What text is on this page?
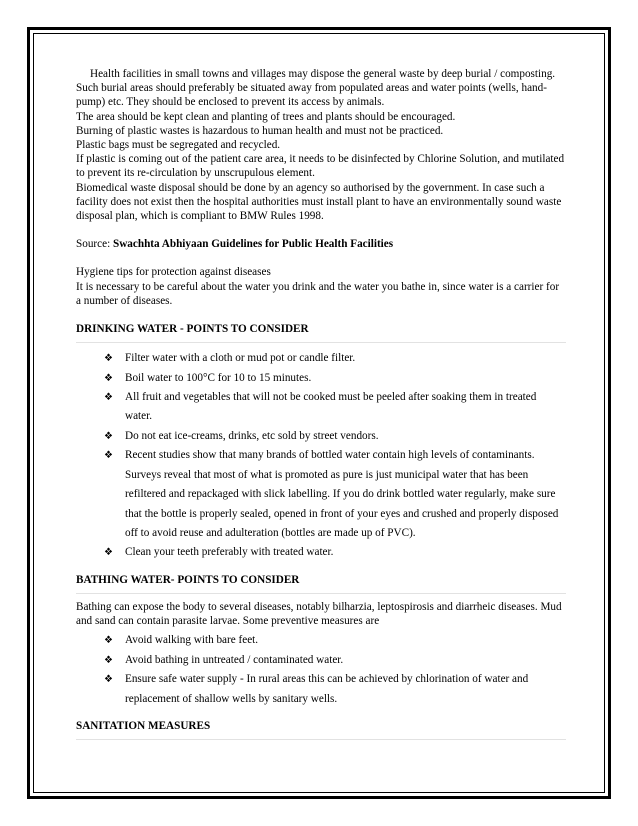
Health facilities in small towns and villages may dispose the general waste by deep burial / composting. Such burial areas should preferably be situated away from populated areas and water points (wells, hand-pump) etc. They should be enclosed to prevent its access by animals.

The area should be kept clean and planting of trees and plants should be encouraged.

Burning of plastic wastes is hazardous to human health and must not be practiced.

Plastic bags must be segregated and recycled.

If plastic is coming out of the patient care area, it needs to be disinfected by Chlorine Solution, and mutilated to prevent its re-circulation by unscrupulous element.

Biomedical waste disposal should be done by an agency so authorised by the government. In case such a facility does not exist then the hospital authorities must install plant to have an environmentally sound waste disposal plan, which is compliant to BMW Rules 1998.

Source: Swachhta Abhiyaan Guidelines for Public Health Facilities

Hygiene tips for protection against diseases

It is necessary to be careful about the water you drink and the water you bathe in, since water is a carrier for a number of diseases.

DRINKING WATER - POINTS TO CONSIDER

❖ Filter water with a cloth or mud pot or candle filter.
❖ Boil water to 100°C for 10 to 15 minutes.
❖ All fruit and vegetables that will not be cooked must be peeled after soaking them in treated water.
❖ Do not eat ice-creams, drinks, etc sold by street vendors.
❖ Recent studies show that many brands of bottled water contain high levels of contaminants. Surveys reveal that most of what is promoted as pure is just municipal water that has been refiltered and repackaged with slick labelling. If you do drink bottled water regularly, make sure that the bottle is properly sealed, opened in front of your eyes and crushed and properly disposed off to avoid reuse and adulteration (bottles are made up of PVC).
❖ Clean your teeth preferably with treated water.

BATHING WATER- POINTS TO CONSIDER

Bathing can expose the body to several diseases, notably bilharzia, leptospirosis and diarrheic diseases. Mud and sand can contain parasite larvae. Some preventive measures are

❖ Avoid walking with bare feet.
❖ Avoid bathing in untreated / contaminated water.
❖ Ensure safe water supply - In rural areas this can be achieved by chlorination of water and replacement of shallow wells by sanitary wells.

SANITATION MEASURES
